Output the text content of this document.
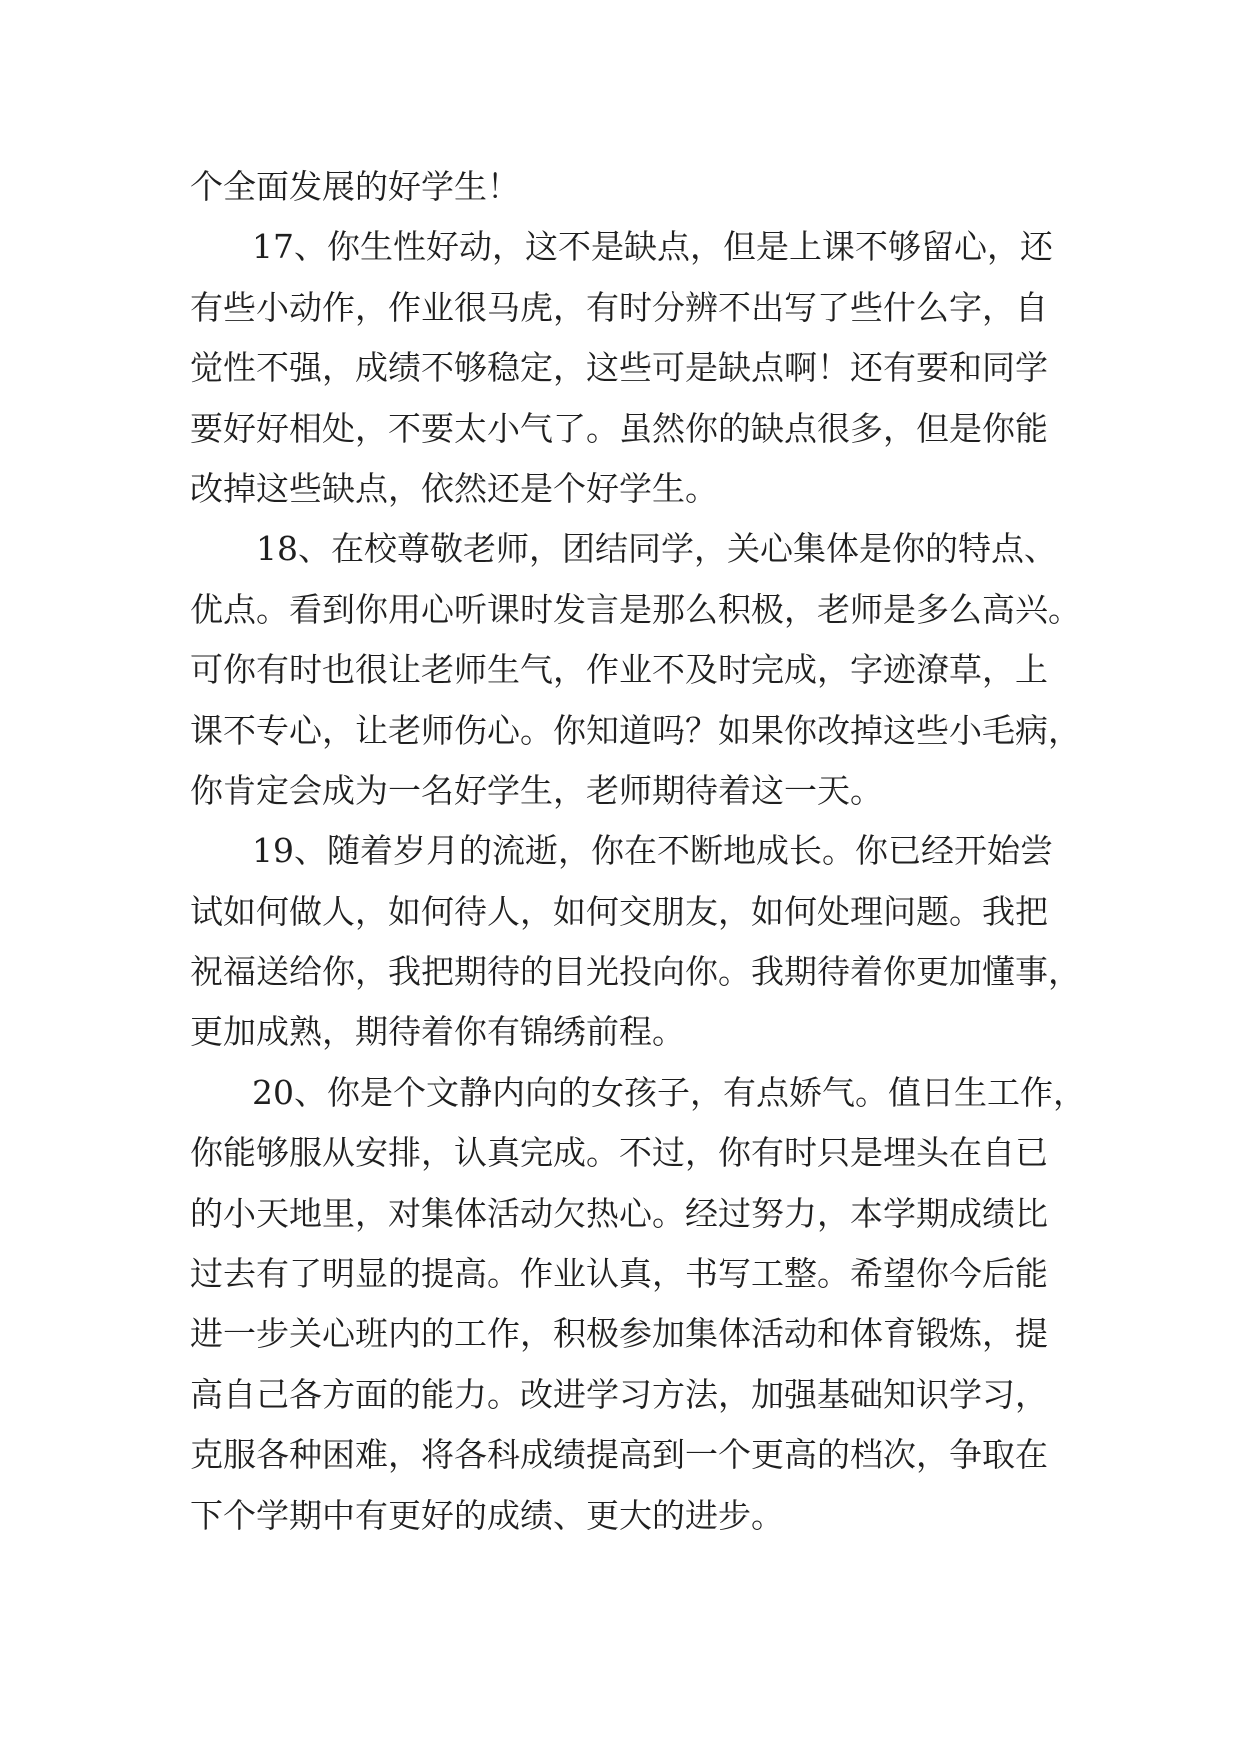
个全面发展的好学生！
17、你生性好动，这不是缺点，但是上课不够留心，还
有些小动作，作业很马虎，有时分辨不出写了些什么字，自
觉性不强，成绩不够稳定，这些可是缺点啊！还有要和同学
要好好相处，不要太小气了。虽然你的缺点很多，但是你能
改掉这些缺点，依然还是个好学生。
18、在校尊敬老师，团结同学，关心集体是你的特点、
优点。看到你用心听课时发言是那么积极，老师是多么高兴。
可你有时也很让老师生气，作业不及时完成，字迹潦草，上
课不专心，让老师伤心。你知道吗？如果你改掉这些小毛病，
你肯定会成为一名好学生，老师期待着这一天。
19、随着岁月的流逝，你在不断地成长。你已经开始尝
试如何做人，如何待人，如何交朋友，如何处理问题。我把
祝福送给你，我把期待的目光投向你。我期待着你更加懂事，
更加成熟，期待着你有锦绣前程。
20、你是个文静内向的女孩子，有点娇气。值日生工作，
你能够服从安排，认真完成。不过，你有时只是埋头在自已
的小天地里，对集体活动欠热心。经过努力，本学期成绩比
过去有了明显的提高。作业认真，书写工整。希望你今后能
进一步关心班内的工作，积极参加集体活动和体育锻炼，提
高自己各方面的能力。改进学习方法，加强基础知识学习，
克服各种困难，将各科成绩提高到一个更高的档次，争取在
下个学期中有更好的成绩、更大的进步。
